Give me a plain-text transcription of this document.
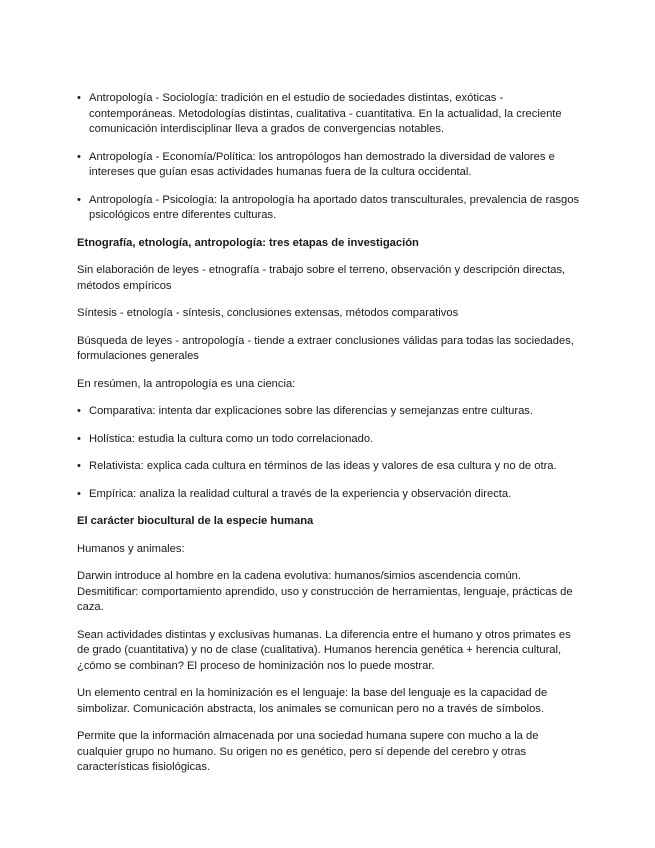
• Antropología - Sociología: tradición en el estudio de sociedades distintas, exóticas - contemporáneas. Metodologías distintas, cualitativa - cuantitativa. En la actualidad, la creciente comunicación interdisciplinar lleva a grados de convergencias notables.
• Antropología - Economía/Política: los antropólogos han demostrado la diversidad de valores e intereses que guían esas actividades humanas fuera de la cultura occidental.
• Antropología - Psicología: la antropología ha aportado datos transculturales, prevalencia de rasgos psicológicos entre diferentes culturas.
Etnografía, etnología, antropología: tres etapas de investigación

Sin elaboración de leyes - etnografía - trabajo sobre el terreno, observación y descripción directas, métodos empíricos

Síntesis - etnología - síntesis, conclusiones extensas, métodos comparativos

Búsqueda de leyes - antropología - tiende a extraer conclusiones válidas para todas las sociedades, formulaciones generales

En resúmen, la antropología es una ciencia:

• Comparativa: intenta dar explicaciones sobre las diferencias y semejanzas entre culturas.
• Holística: estudia la cultura como un todo correlacionado.
• Relativista: explica cada cultura en términos de las ideas y valores de esa cultura y no de otra.
• Empírica: analiza la realidad cultural a través de la experiencia y observación directa.
El carácter biocultural de la especie humana

Humanos y animales:

Darwin introduce al hombre en la cadena evolutiva: humanos/simios ascendencia común. Desmitificar: comportamiento aprendido, uso y construcción de herramientas, lenguaje, prácticas de caza.

Sean actividades distintas y exclusivas humanas. La diferencia entre el humano y otros primates es de grado (cuantitativa) y no de clase (cualitativa). Humanos herencia genética + herencia cultural, ¿cómo se combinan? El proceso de hominización nos lo puede mostrar.

Un elemento central en la hominización es el lenguaje: la base del lenguaje es la capacidad de simbolizar. Comunicación abstracta, los animales se comunican pero no a través de símbolos.

Permite que la información almacenada por una sociedad humana supere con mucho a la de cualquier grupo no humano. Su origen no es genético, pero sí depende del cerebro y otras características fisiológicas.
